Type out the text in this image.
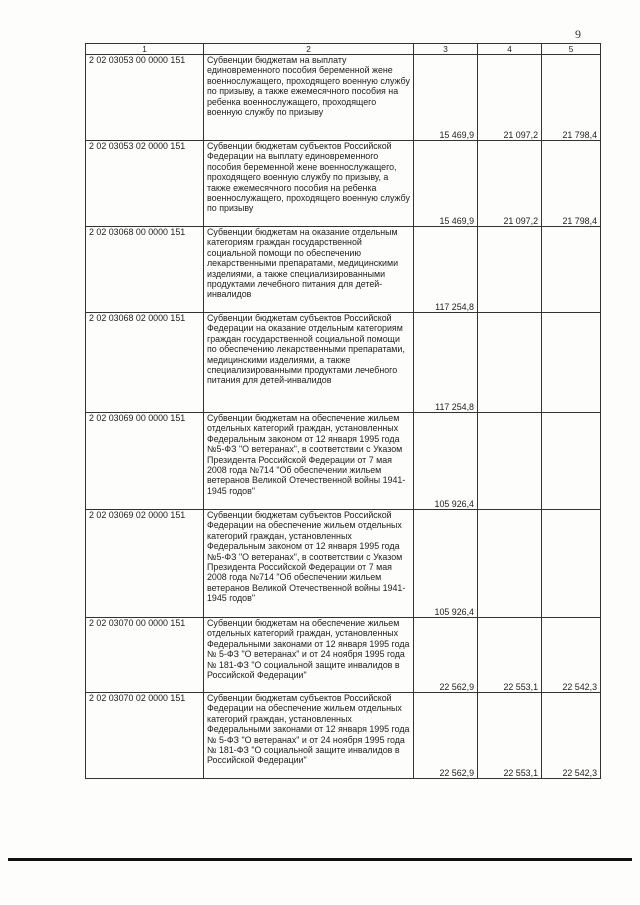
9
1	2	3	4	5
2 02 03053 00 0000 151	Субвенции бюджетам на выплату единовременного пособия беременной жене военнослужащего, проходящего военную службу по призыву, а также ежемесячного пособия на ребенка военнослужащего, проходящего военную службу по призыву	15 469,9	21 097,2	21 798,4
2 02 03053 02 0000 151	Субвенции бюджетам субъектов Российской Федерации на выплату единовременного пособия беременной жене военнослужащего, проходящего военную службу по призыву, а также ежемесячного пособия на ребенка военнослужащего, проходящего военную службу по призыву	15 469,9	21 097,2	21 798,4
2 02 03068 00 0000 151	Субвенции бюджетам на оказание отдельным категориям граждан государственной социальной помощи по обеспечению лекарственными препаратами, медицинскими изделиями, а также специализированными продуктами лечебного питания для детей-инвалидов	117 254,8		
2 02 03068 02 0000 151	Субвенции бюджетам субъектов Российской Федерации на оказание отдельным категориям граждан государственной социальной помощи по обеспечению лекарственными препаратами, медицинскими изделиями, а также специализированными продуктами лечебного питания для детей-инвалидов	117 254,8		
2 02 03069 00 0000 151	Субвенции бюджетам на обеспечение жильем отдельных категорий граждан, установленных Федеральным законом от 12 января 1995 года №5-ФЗ "О ветеранах", в соответствии с Указом Президента Российской Федерации от 7 мая 2008 года №714 "Об обеспечении жильем ветеранов Великой Отечественной войны 1941-1945 годов"	105 926,4		
2 02 03069 02 0000 151	Субвенции бюджетам субъектов Российской Федерации на обеспечение жильем отдельных категорий граждан, установленных Федеральным законом от 12 января 1995 года №5-ФЗ "О ветеранах", в соответствии с Указом Президента Российской Федерации от 7 мая 2008 года №714 "Об обеспечении жильем ветеранов Великой Отечественной войны 1941-1945 годов"	105 926,4		
2 02 03070 00 0000 151	Субвенции бюджетам на обеспечение жильем отдельных категорий граждан, установленных Федеральными законами от 12 января 1995 года № 5-ФЗ "О ветеранах" и от 24 ноября 1995 года № 181-ФЗ "О социальной защите инвалидов в Российской Федерации"	22 562,9	22 553,1	22 542,3
2 02 03070 02 0000 151	Субвенции бюджетам субъектов Российской Федерации на обеспечение жильем отдельных категорий граждан, установленных Федеральными законами от 12 января 1995 года № 5-ФЗ "О ветеранах" и от 24 ноября 1995 года № 181-ФЗ "О социальной защите инвалидов в Российской Федерации"	22 562,9	22 553,1	22 542,3
